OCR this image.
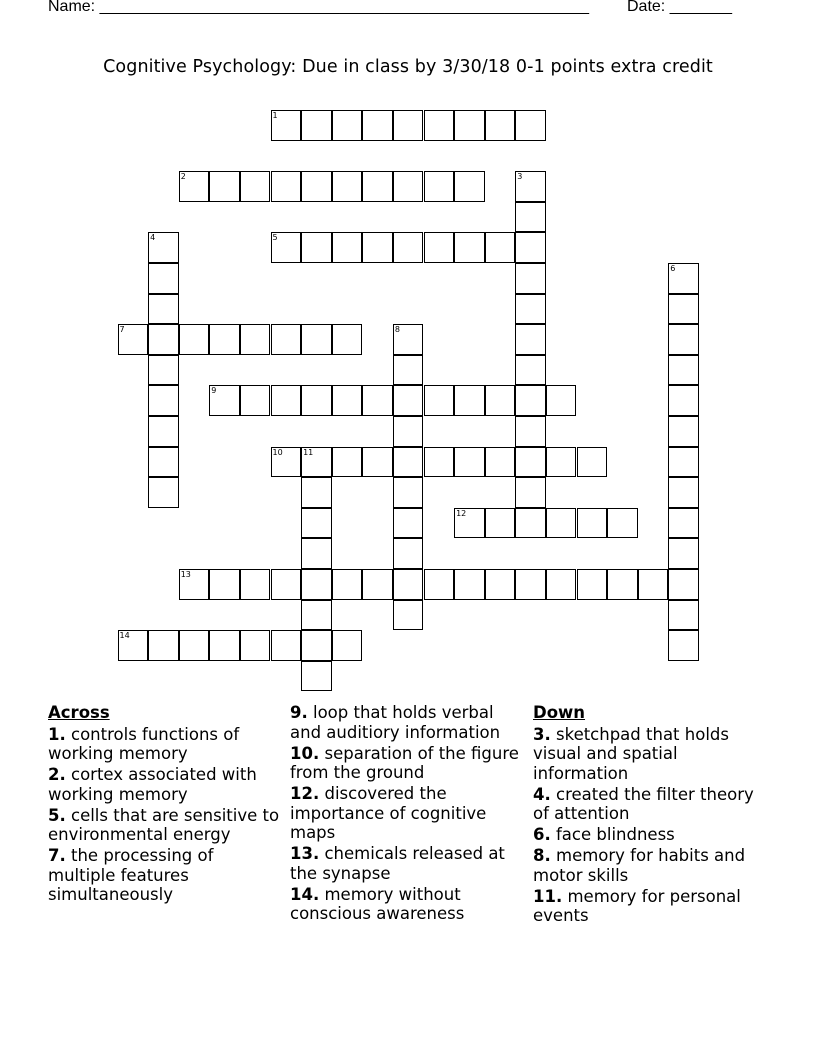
Name: _______________________________________________________ Date: _______
Cognitive Psychology: Due in class by 3/30/18 0-1 points extra credit
1
2	3
4	5
6
7	8
9
10	11
12
13
14
Across
1. controls functions of working memory
2. cortex associated with working memory
5. cells that are sensitive to environmental energy
7. the processing of multiple features simultaneously
9. loop that holds verbal and auditiory information
10. separation of the figure from the ground
12. discovered the importance of cognitive maps
13. chemicals released at the synapse
14. memory without conscious awareness
Down
3. sketchpad that holds visual and spatial information
4. created the filter theory of attention
6. face blindness
8. memory for habits and motor skills
11. memory for personal events
